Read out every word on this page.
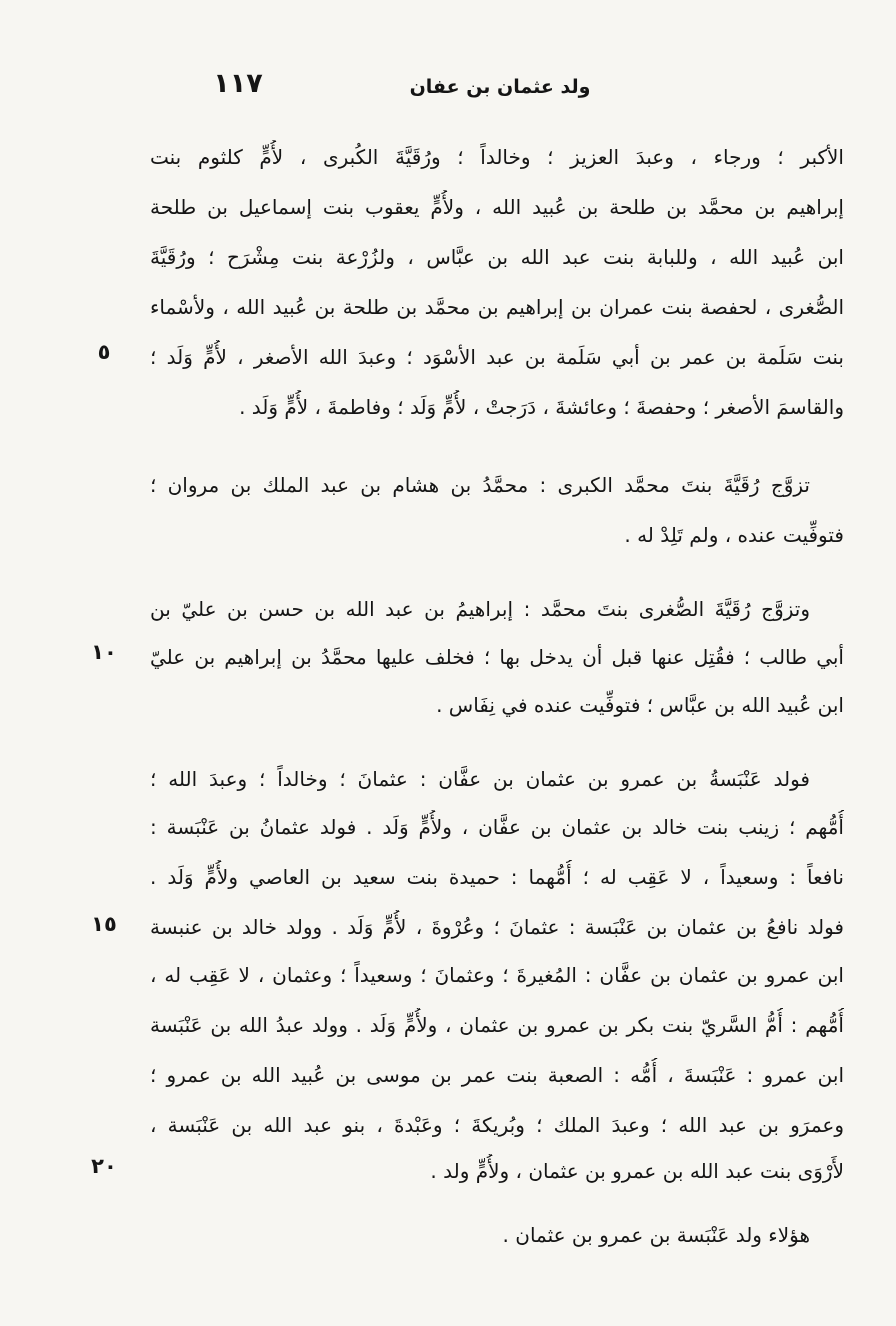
١١٧	ولد عثمان بن عفان
٥
١٠
١٥
٢٠
الأكبر ؛ ورجاء ، وعبدَ العزيز ؛ وخالداً ؛ ورُقَيَّةَ الكُبرى ، لأُمٍّ كلثوم بنت
إبراهيم بن محمَّد بن طلحة بن عُبيد الله ، ولأُمٍّ يعقوب بنت إسماعيل بن طلحة
ابن عُبيد الله ، وللبابة بنت عبد الله بن عبَّاس ، ولزُرْعة بنت مِشْرَح ؛ ورُقَيَّةَ
الصُّغرى ، لحفصة بنت عمران بن إبراهيم بن محمَّد بن طلحة بن عُبيد الله ، ولأسْماء
بنت سَلَمة بن عمر بن أبي سَلَمة بن عبد الأسْوَد ؛ وعبدَ الله الأصغر ، لأُمٍّ وَلَد ؛
والقاسمَ الأصغر ؛ وحفصةَ ؛ وعائشةَ ، دَرَجتْ ، لأُمٍّ وَلَد ؛ وفاطمةَ ، لأُمٍّ وَلَد .
تزوَّج رُقَيَّةَ بنتَ محمَّد الكبرى : محمَّدُ بن هشام بن عبد الملك بن مروان ؛
فتوفِّيت عنده ، ولم تَلِدْ له .
وتزوَّج رُقَيَّةَ الصُّغرى بنتَ محمَّد : إبراهيمُ بن عبد الله بن حسن بن عليّ بن
أبي طالب ؛ فقُتِل عنها قبل أن يدخل بها ؛ فخلف عليها محمَّدُ بن إبراهيم بن عليّ
ابن عُبيد الله بن عبَّاس ؛ فتوفِّيت عنده في نِفَاس .
فولد عَنْبَسةُ بن عمرو بن عثمان بن عفَّان : عثمانَ ؛ وخالداً ؛ وعبدَ الله ؛
أُمُّهم ؛ زينب بنت خالد بن عثمان بن عفَّان ، ولأُمٍّ وَلَد . فولد عثمانُ بن عَنْبَسة :
نافعاً : وسعيداً ، لا عَقِب له ؛ أُمُّهما : حميدة بنت سعيد بن العاصي ولأُمٍّ وَلَد .
فولد نافعُ بن عثمان بن عَنْبَسة : عثمانَ ؛ وعُرْوةَ ، لأُمٍّ وَلَد . وولد خالد بن عنبسة
ابن عمرو بن عثمان بن عفَّان : المُغيرةَ ؛ وعثمانَ ؛ وسعيداً ؛ وعثمان ، لا عَقِب له ،
أُمُّهم : أُمُّ السَّريّ بنت بكر بن عمرو بن عثمان ، ولأُمٍّ وَلَد . وولد عبدُ الله بن عَنْبَسة
ابن عمرو : عَنْبَسةَ ، أُمُّه : الصعبة بنت عمر بن موسى بن عُبيد الله بن عمرو ؛
وعمرَو بن عبد الله ؛ وعبدَ الملك ؛ وبُريكةَ ؛ وعَبْدةَ ، بنو عبد الله بن عَنْبَسة ،
لأَرْوَى بنت عبد الله بن عمرو بن عثمان ، ولأُمٍّ ولد .
هؤلاء ولد عَنْبَسة بن عمرو بن عثمان .
